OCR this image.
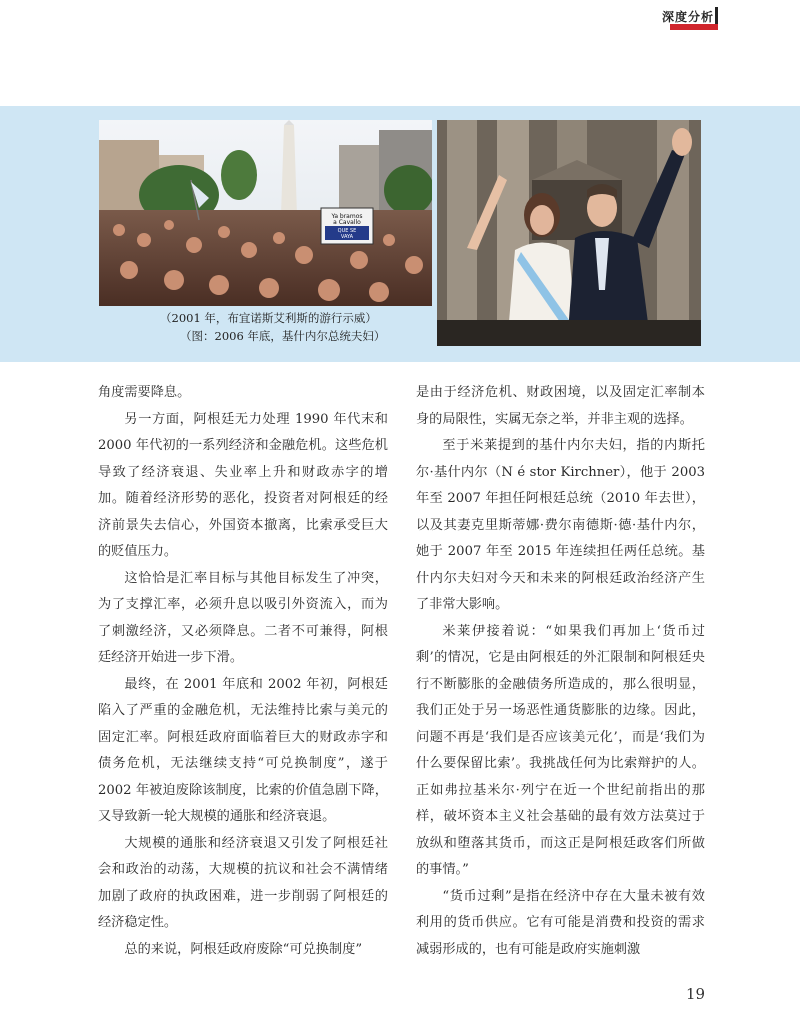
深度分析
Ya bramos
a Cavallo
QUE SE
VAYA
（2001 年，布宜诺斯艾利斯的游行示威）
（图：2006 年底，基什内尔总统夫妇）

角度需要降息。

另一方面，阿根廷无力处理 1990 年代末和 2000 年代初的一系列经济和金融危机。这些危机导致了经济衰退、失业率上升和财政赤字的增加。随着经济形势的恶化，投资者对阿根廷的经济前景失去信心，外国资本撤离，比索承受巨大的贬值压力。

这恰恰是汇率目标与其他目标发生了冲突，为了支撑汇率，必须升息以吸引外资流入，而为了刺激经济，又必须降息。二者不可兼得，阿根廷经济开始进一步下滑。

最终，在 2001 年底和 2002 年初，阿根廷陷入了严重的金融危机，无法维持比索与美元的固定汇率。阿根廷政府面临着巨大的财政赤字和债务危机，无法继续支持“可兑换制度”，遂于 2002 年被迫废除该制度，比索的价值急剧下降，又导致新一轮大规模的通胀和经济衰退。

大规模的通胀和经济衰退又引发了阿根廷社会和政治的动荡，大规模的抗议和社会不满情绪加剧了政府的执政困难，进一步削弱了阿根廷的经济稳定性。

总的来说，阿根廷政府废除“可兑换制度”

是由于经济危机、财政困境，以及固定汇率制本身的局限性，实属无奈之举，并非主观的选择。

至于米莱提到的基什内尔夫妇，指的内斯托尔·基什内尔（N é stor Kirchner），他于 2003 年至 2007 年担任阿根廷总统（2010 年去世），以及其妻克里斯蒂娜·费尔南德斯·德·基什内尔，她于 2007 年至 2015 年连续担任两任总统。基什内尔夫妇对今天和未来的阿根廷政治经济产生了非常大影响。

米莱伊接着说：“如果我们再加上‘货币过剩’的情况，它是由阿根廷的外汇限制和阿根廷央行不断膨胀的金融债务所造成的，那么很明显，我们正处于另一场恶性通货膨胀的边缘。因此，问题不再是‘我们是否应该美元化’，而是‘我们为什么要保留比索’。我挑战任何为比索辩护的人。正如弗拉基米尔·列宁在近一个世纪前指出的那样，破坏资本主义社会基础的最有效方法莫过于放纵和堕落其货币，而这正是阿根廷政客们所做的事情。”

“货币过剩”是指在经济中存在大量未被有效利用的货币供应。它有可能是消费和投资的需求减弱形成的，也有可能是政府实施刺激

19
